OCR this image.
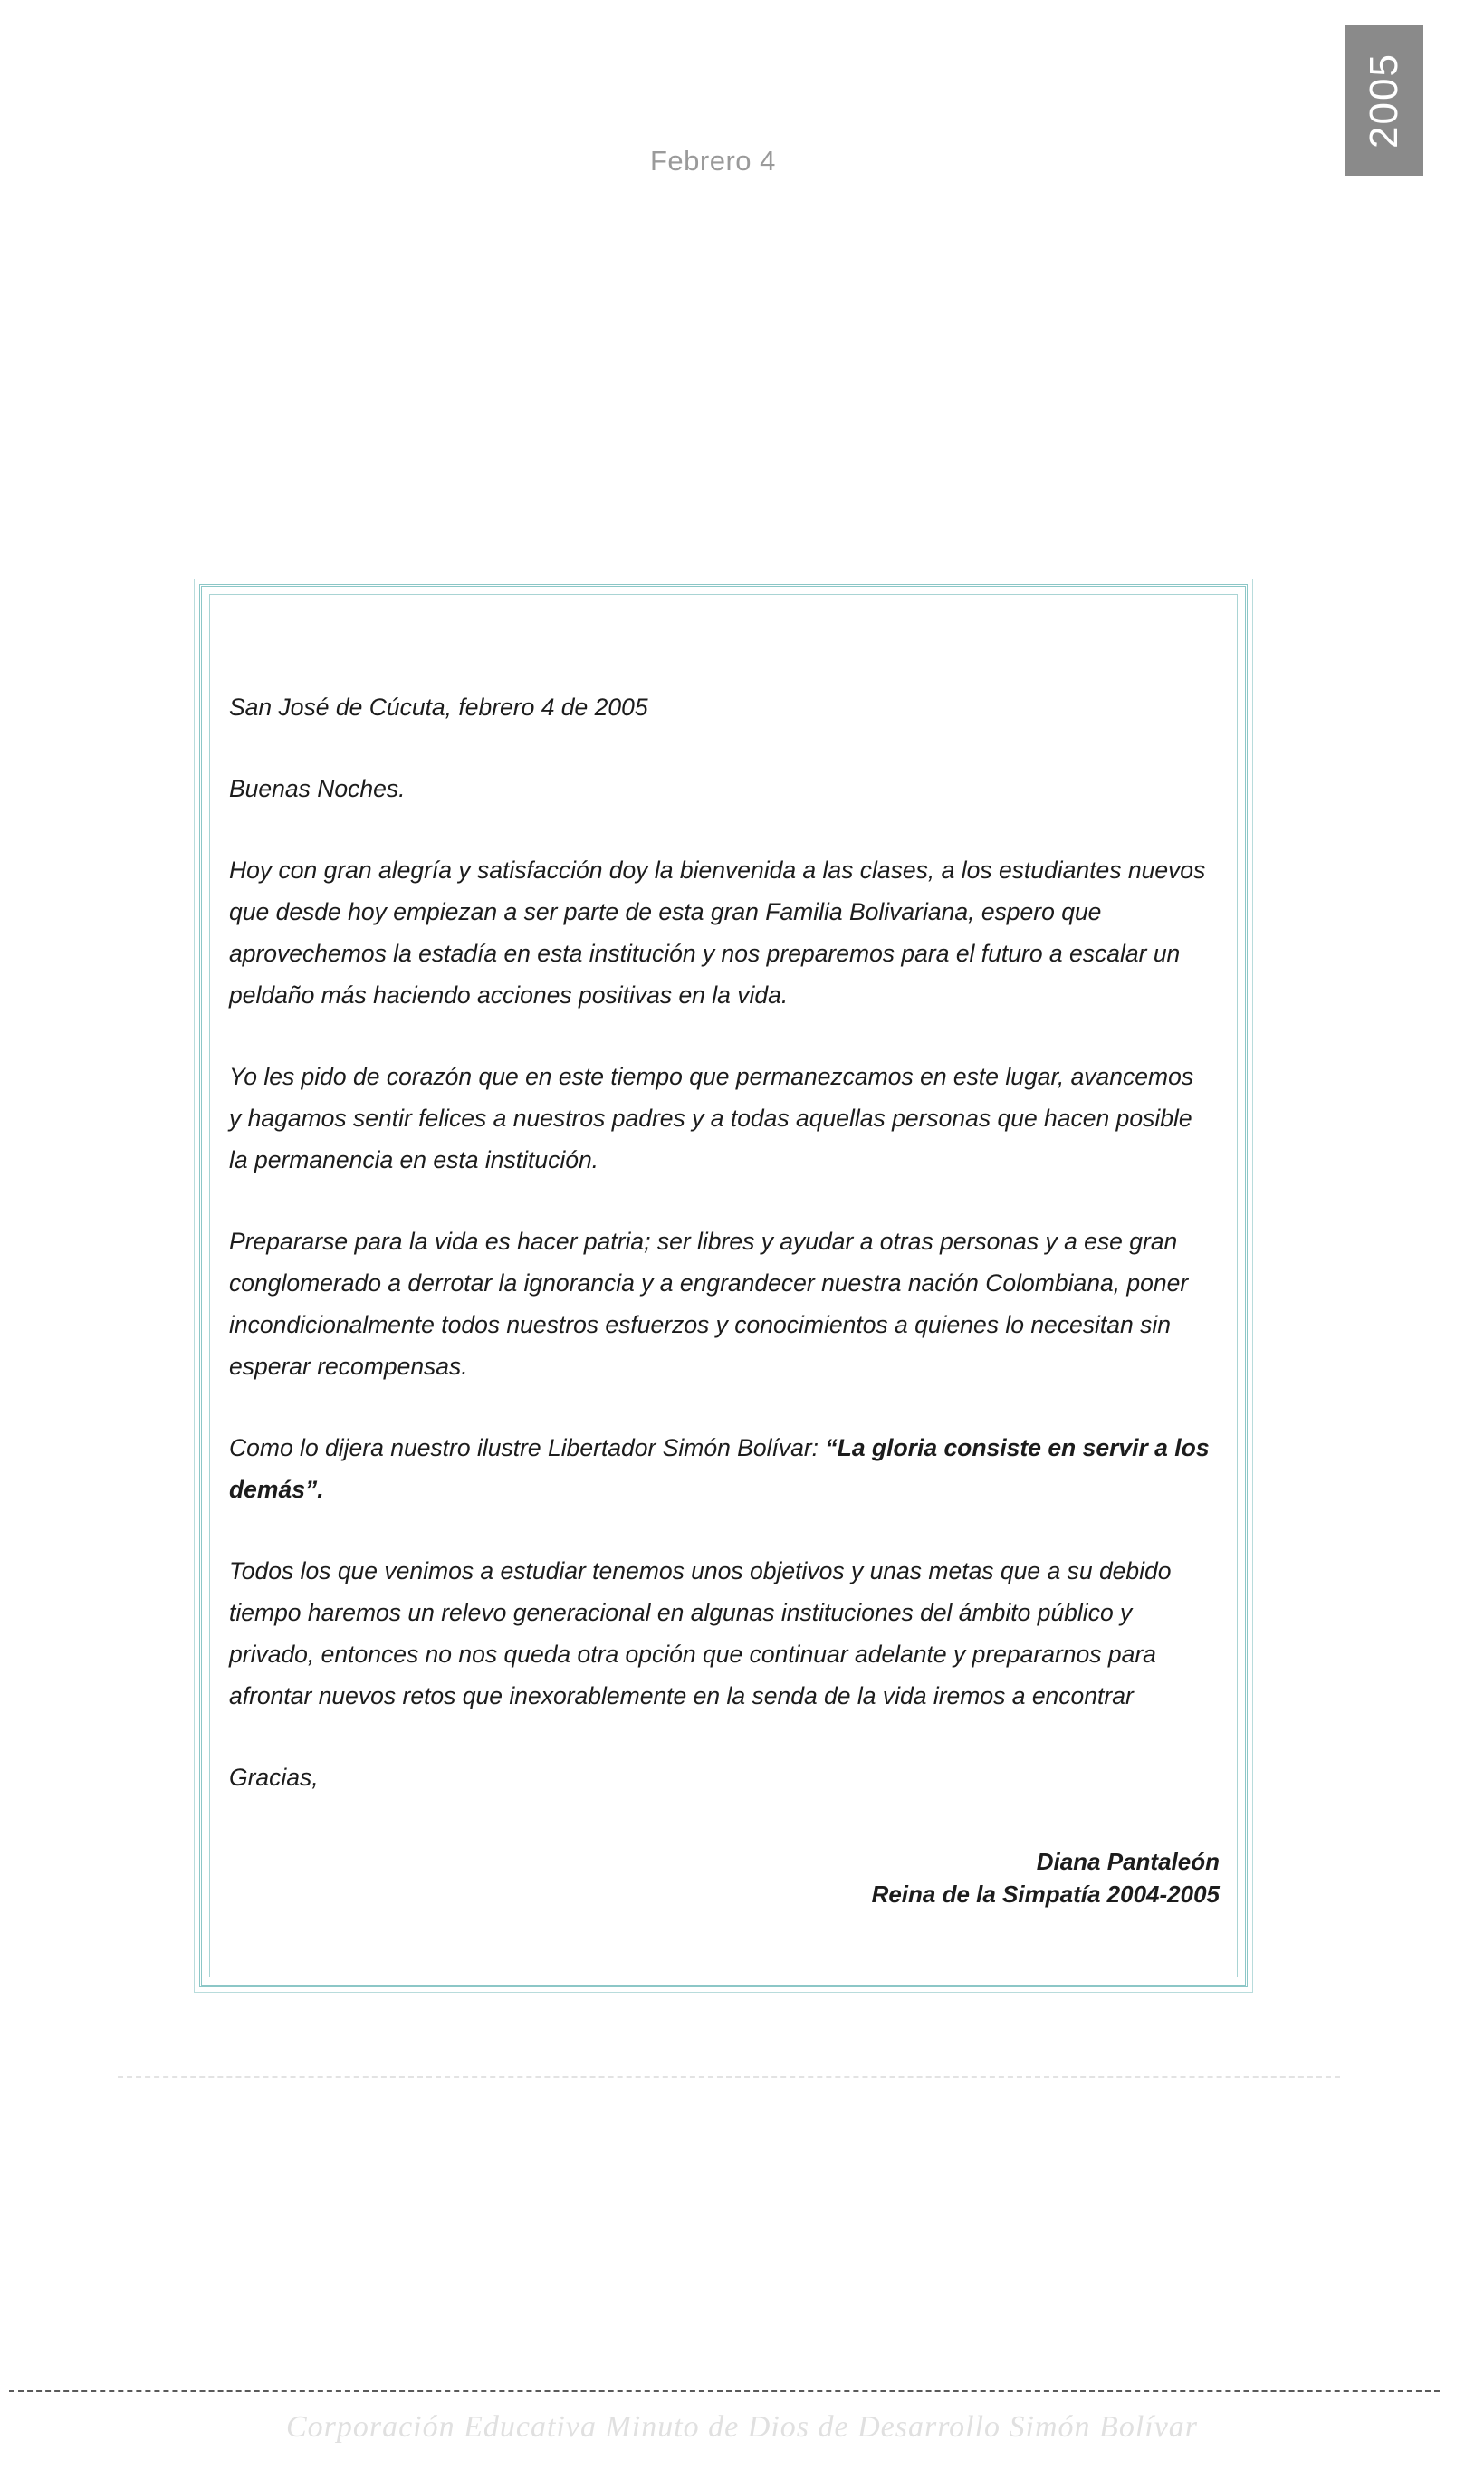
Febrero 4
2005

San José de Cúcuta, febrero 4 de 2005

Buenas Noches.

Hoy con gran alegría y satisfacción doy la bienvenida a las clases, a los estudiantes nuevos que desde hoy empiezan a ser parte de esta gran Familia Bolivariana, espero que aprovechemos la estadía en esta institución y nos preparemos para el futuro a escalar un peldaño más haciendo acciones positivas en la vida.

Yo les pido de corazón que en este tiempo que permanezcamos en este lugar, avancemos y hagamos sentir felices a nuestros padres y a todas aquellas personas que hacen posible la permanencia en esta institución.

Prepararse para la vida es hacer patria; ser libres y ayudar a otras personas y a ese gran conglomerado a derrotar la ignorancia y a engrandecer nuestra nación Colombiana, poner incondicionalmente todos nuestros esfuerzos y conocimientos a quienes lo necesitan sin esperar recompensas.

Como lo dijera nuestro ilustre Libertador Simón Bolívar: “La gloria consiste en servir a los demás”.

Todos los que venimos a estudiar tenemos unos objetivos y unas metas que a su debido tiempo haremos un relevo generacional en algunas instituciones del ámbito público y privado, entonces no nos queda otra opción que continuar adelante y prepararnos para afrontar nuevos retos que inexorablemente en la senda de la vida iremos a encontrar

Gracias,

Diana Pantaleón
Reina de la Simpatía 2004-2005
Corporación Educativa Minuto de Dios de Desarrollo Simón Bolívar
